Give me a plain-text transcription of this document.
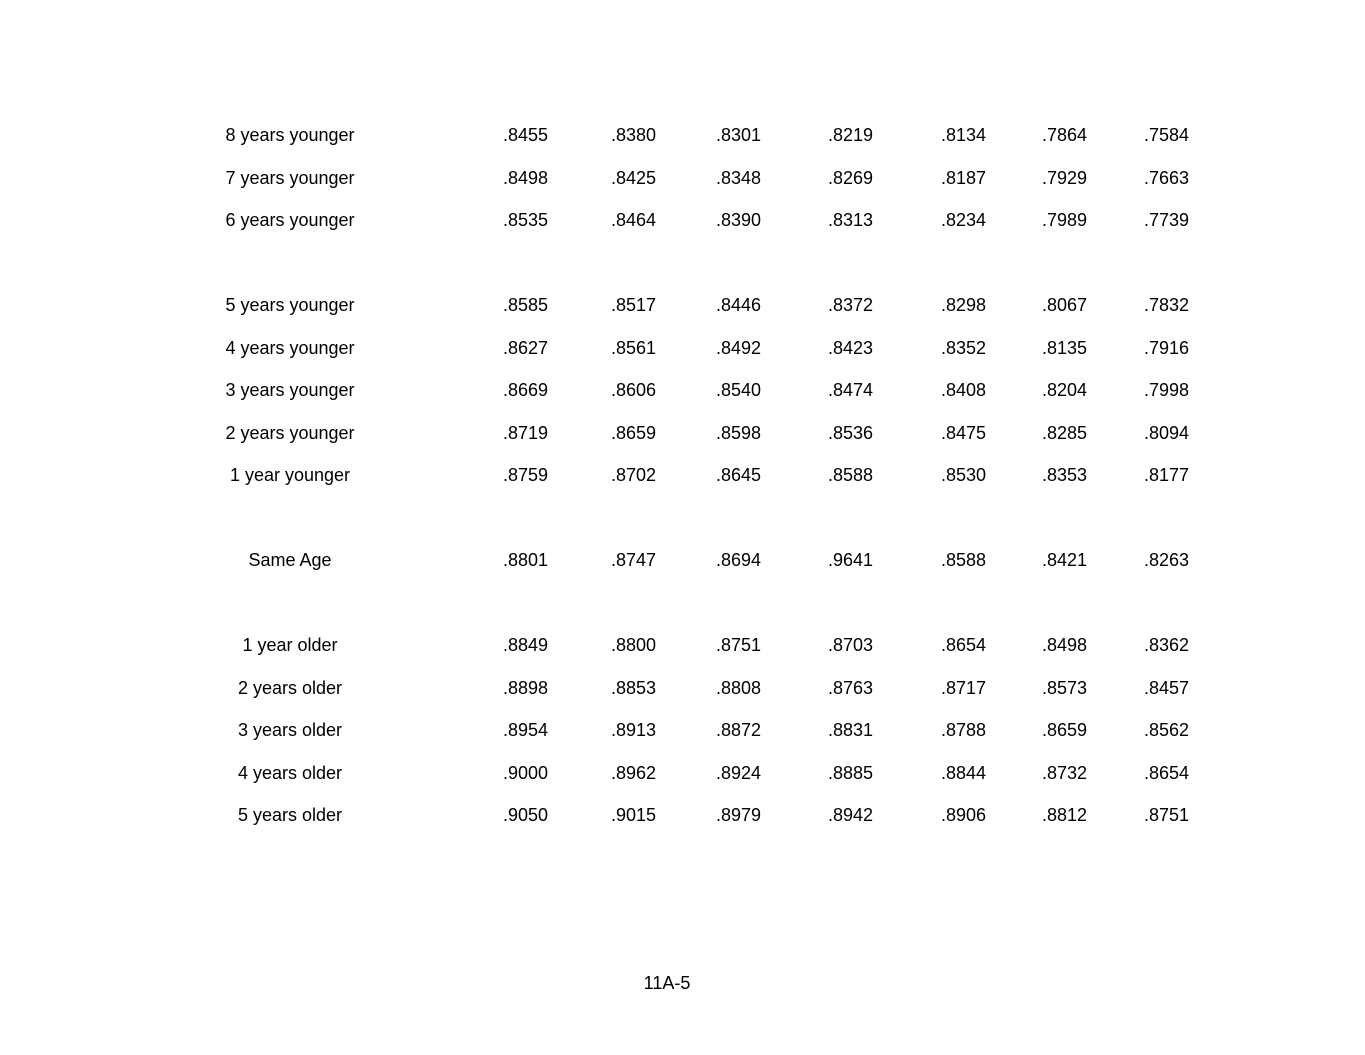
8 years younger	.8455	.8380	.8301	.8219	.8134	.7864	.7584
7 years younger	.8498	.8425	.8348	.8269	.8187	.7929	.7663
6 years younger	.8535	.8464	.8390	.8313	.8234	.7989	.7739
5 years younger	.8585	.8517	.8446	.8372	.8298	.8067	.7832
4 years younger	.8627	.8561	.8492	.8423	.8352	.8135	.7916
3 years younger	.8669	.8606	.8540	.8474	.8408	.8204	.7998
2 years younger	.8719	.8659	.8598	.8536	.8475	.8285	.8094
1 year younger	.8759	.8702	.8645	.8588	.8530	.8353	.8177
Same Age	.8801	.8747	.8694	.9641	.8588	.8421	.8263
1 year older	.8849	.8800	.8751	.8703	.8654	.8498	.8362
2 years older	.8898	.8853	.8808	.8763	.8717	.8573	.8457
3 years older	.8954	.8913	.8872	.8831	.8788	.8659	.8562
4 years older	.9000	.8962	.8924	.8885	.8844	.8732	.8654
5 years older	.9050	.9015	.8979	.8942	.8906	.8812	.8751
11A-5
